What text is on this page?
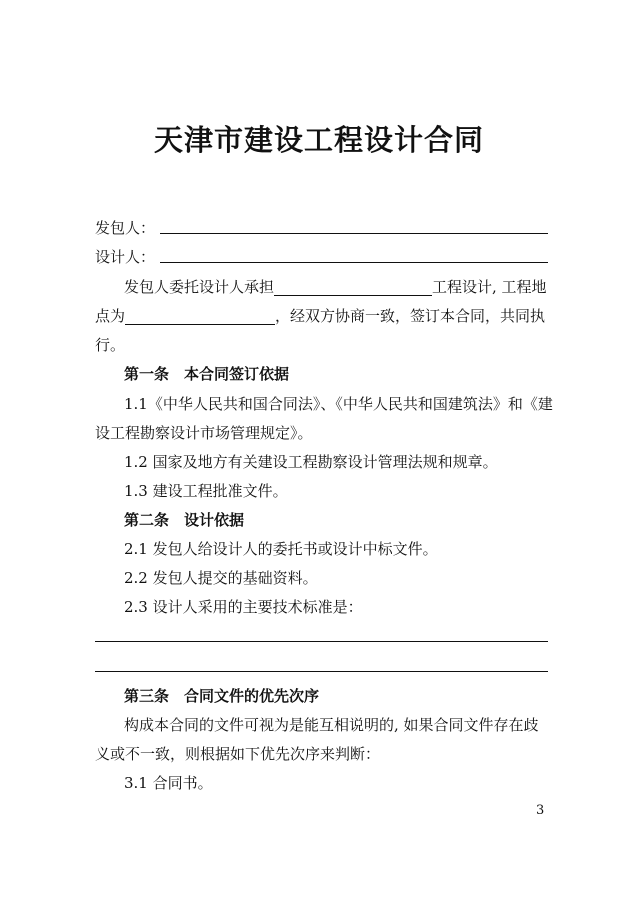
天津市建设工程设计合同
发包人：
设计人：
发包人委托设计人承担	工程设计, 工程地
点为	，经双方协商一致，签订本合同，共同执
行。
第一条　本合同签订依据
1.1《中华人民共和国合同法》、《中华人民共和国建筑法》和《建
设工程勘察设计市场管理规定》。
1.2 国家及地方有关建设工程勘察设计管理法规和规章。
1.3 建设工程批准文件。
第二条　设计依据
2.1 发包人给设计人的委托书或设计中标文件。
2.2 发包人提交的基础资料。
2.3 设计人采用的主要技术标准是：
第三条　合同文件的优先次序
构成本合同的文件可视为是能互相说明的, 如果合同文件存在歧
义或不一致，则根据如下优先次序来判断：
3.1 合同书。
3
